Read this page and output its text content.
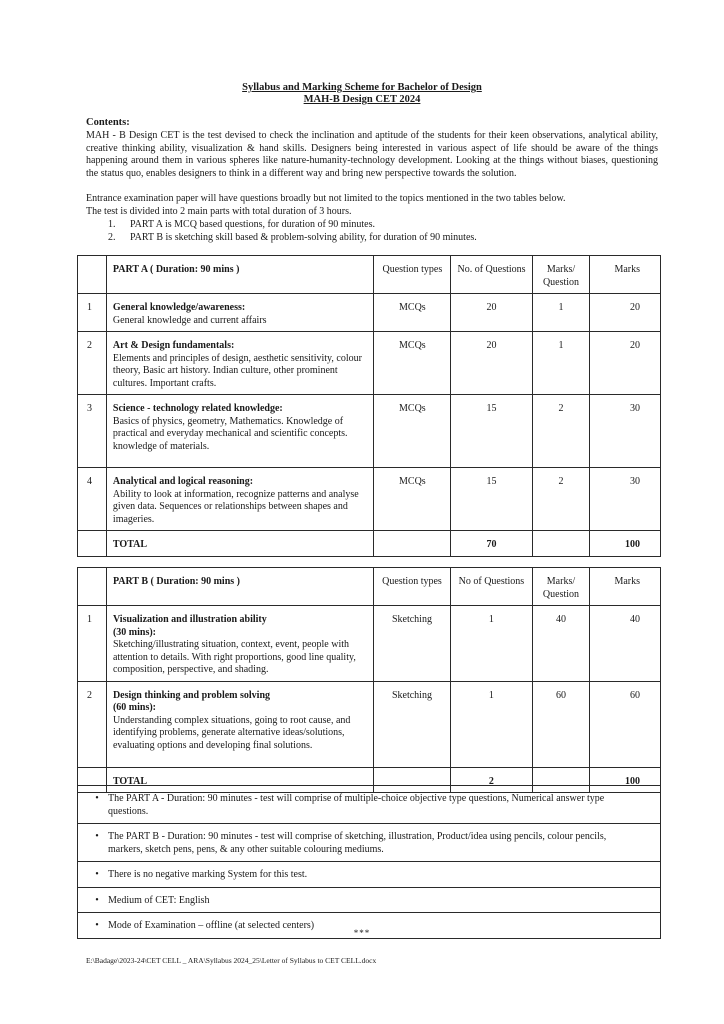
Syllabus and Marking Scheme for Bachelor of Design
MAH-B Design CET 2024
Contents:
MAH - B Design CET is the test devised to check the inclination and aptitude of the students for their keen observations, analytical ability, creative thinking ability, visualization & hand skills. Designers being interested in various aspect of life should be aware of the things happening around them in various spheres like nature-humanity-technology development. Looking at the things without biases, questioning the status quo, enables designers to think in a different way and bring new perspective towards the solution.
Entrance examination paper will have questions broadly but not limited to the topics mentioned in the two tables below.
The test is divided into 2 main parts with total duration of 3 hours.
1. PART A is MCQ based questions, for duration of 90 minutes.
2. PART B is sketching skill based & problem-solving ability, for duration of 90 minutes.
	PART A ( Duration: 90 mins )	Question types	No. of Questions	Marks/ Question	Marks
1	General knowledge/awareness:
General knowledge and current affairs	MCQs	20	1	20
2	Art & Design fundamentals:
Elements and principles of design, aesthetic sensitivity, colour theory, Basic art history. Indian culture, other prominent cultures. Important crafts.	MCQs	20	1	20
3	Science - technology related knowledge:
Basics of physics, geometry, Mathematics. Knowledge of practical and everyday mechanical and scientific concepts. knowledge of materials.	MCQs	15	2	30
4	Analytical and logical reasoning:
Ability to look at information, recognize patterns and analyse given data. Sequences or relationships between shapes and imageries.	MCQs	15	2	30
	TOTAL		70		100
	PART B ( Duration: 90 mins )	Question types	No of Questions	Marks/ Question	Marks
1	Visualization and illustration ability
(30 mins):
Sketching/illustrating situation, context, event, people with attention to details. With right proportions, good line quality, composition, perspective, and shading.	Sketching	1	40	40
2	Design thinking and problem solving
(60 mins):
Understanding complex situations, going to root cause, and identifying problems, generate alternative ideas/solutions, evaluating options and developing final solutions.	Sketching	1	60	60
	TOTAL		2		100
• The PART A - Duration: 90 minutes - test will comprise of multiple-choice objective type questions, Numerical answer type questions.
• The PART B - Duration: 90 minutes - test will comprise of sketching, illustration, Product/idea using pencils, colour pencils, markers, sketch pens, pens, & any other suitable colouring mediums.
• There is no negative marking System for this test.
• Medium of CET: English
• Mode of Examination – offline (at selected centers)
***
E:\Badage\2023-24\CET CELL _ ARA\Syllabus 2024_25\Letter of Syllabus to CET CELL.docx
